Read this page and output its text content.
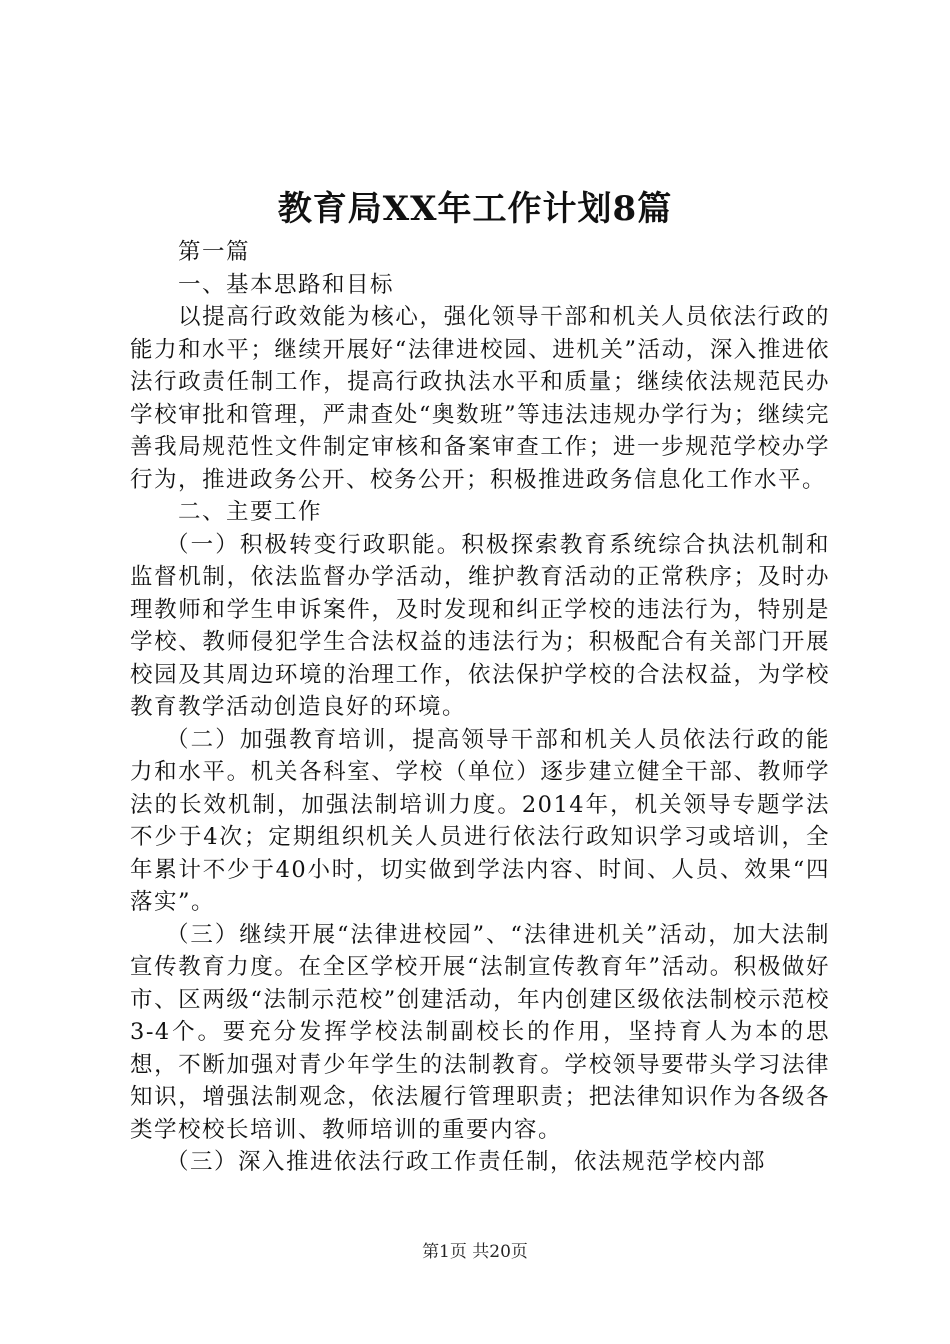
教育局XX年工作计划8篇

第一篇

一、基本思路和目标

以提高行政效能为核心，强化领导干部和机关人员依法行政的能力和水平；继续开展好“法律进校园、进机关”活动，深入推进依法行政责任制工作，提高行政执法水平和质量；继续依法规范民办学校审批和管理，严肃查处“奥数班”等违法违规办学行为；继续完善我局规范性文件制定审核和备案审查工作；进一步规范学校办学行为，推进政务公开、校务公开；积极推进政务信息化工作水平。

二、主要工作

（一）积极转变行政职能。积极探索教育系统综合执法机制和监督机制，依法监督办学活动，维护教育活动的正常秩序；及时办理教师和学生申诉案件，及时发现和纠正学校的违法行为，特别是学校、教师侵犯学生合法权益的违法行为；积极配合有关部门开展校园及其周边环境的治理工作，依法保护学校的合法权益，为学校教育教学活动创造良好的环境。

（二）加强教育培训，提高领导干部和机关人员依法行政的能力和水平。机关各科室、学校（单位）逐步建立健全干部、教师学法的长效机制，加强法制培训力度。2014年，机关领导专题学法不少于4次；定期组织机关人员进行依法行政知识学习或培训，全年累计不少于40小时，切实做到学法内容、时间、人员、效果“四落实”。

（三）继续开展“法律进校园”、“法律进机关”活动，加大法制宣传教育力度。在全区学校开展“法制宣传教育年”活动。积极做好市、区两级“法制示范校”创建活动，年内创建区级依法制校示范校3-4个。要充分发挥学校法制副校长的作用，坚持育人为本的思想，不断加强对青少年学生的法制教育。学校领导要带头学习法律知识，增强法制观念，依法履行管理职责；把法律知识作为各级各类学校校长培训、教师培训的重要内容。

（三）深入推进依法行政工作责任制，依法规范学校内部

第1页 共20页
